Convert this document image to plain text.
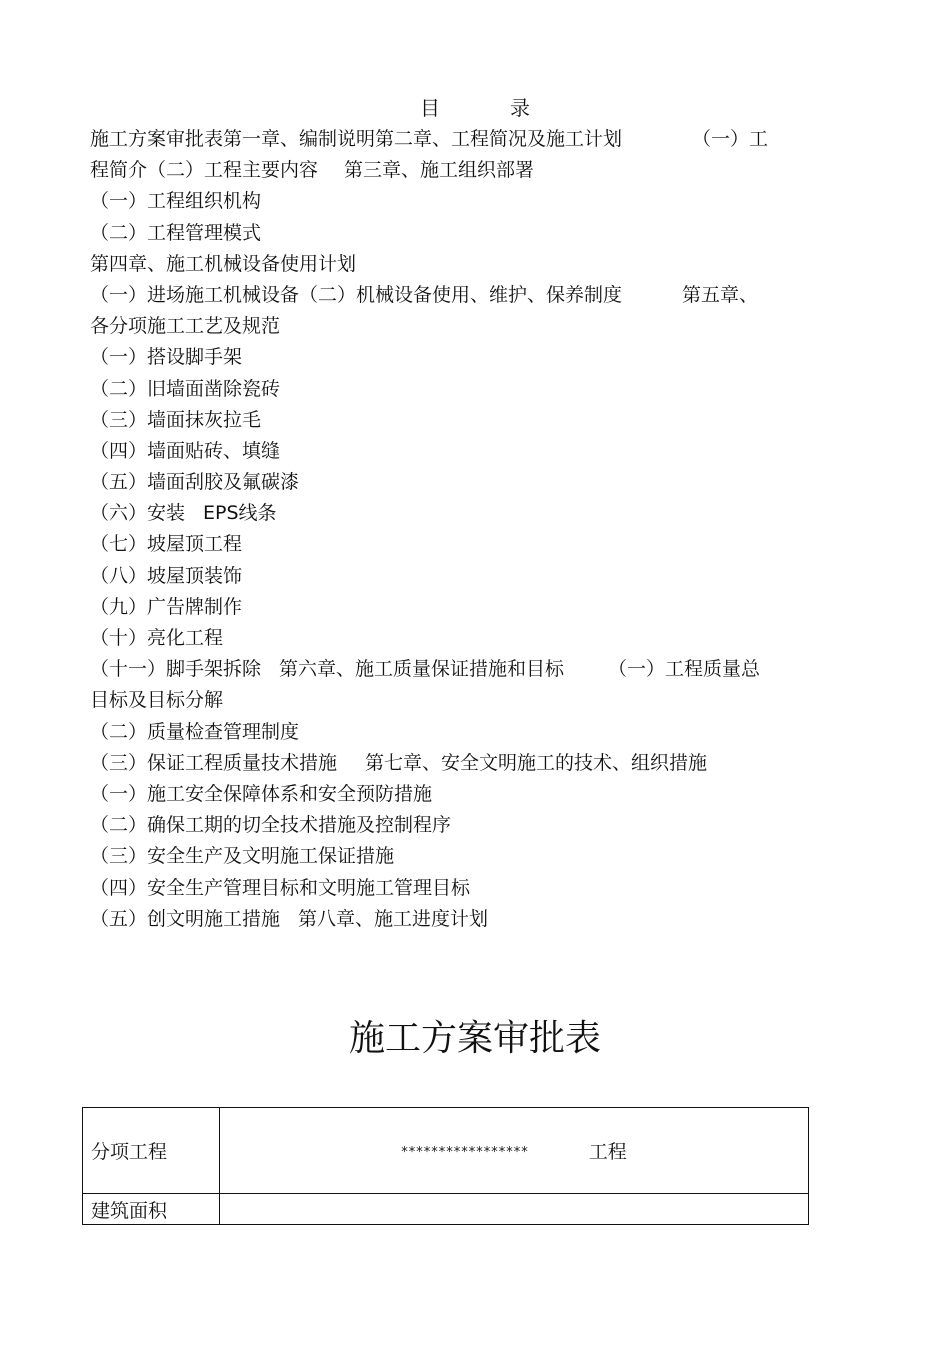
目	录
施工方案审批表第一章、编制说明第二章、工程简况及施工计划	（一）工
程简介（二）工程主要内容 第三章、施工组织部署
（一）工程组织机构
（二）工程管理模式
第四章、施工机械设备使用计划
（一）进场施工机械设备（二）机械设备使用、维护、保养制度	第五章、
各分项施工工艺及规范
（一）搭设脚手架
（二）旧墙面凿除瓷砖
（三）墙面抹灰拉毛
（四）墙面贴砖、填缝
（五）墙面刮胶及氟碳漆
（六）安装 EPS线条
（七）坡屋顶工程
（八）坡屋顶装饰
（九）广告牌制作
（十）亮化工程
（十一）脚手架拆除 第六章、施工质量保证措施和目标 （一）工程质量总
目标及目标分解
（二）质量检查管理制度
（三）保证工程质量技术措施 第七章、安全文明施工的技术、组织措施
（一）施工安全保障体系和安全预防措施
（二）确保工期的切全技术措施及控制程序
（三）安全生产及文明施工保证措施
（四）安全生产管理目标和文明施工管理目标
（五）创文明施工措施 第八章、施工进度计划
施工方案审批表
分项工程	***************** 工程
建筑面积	
